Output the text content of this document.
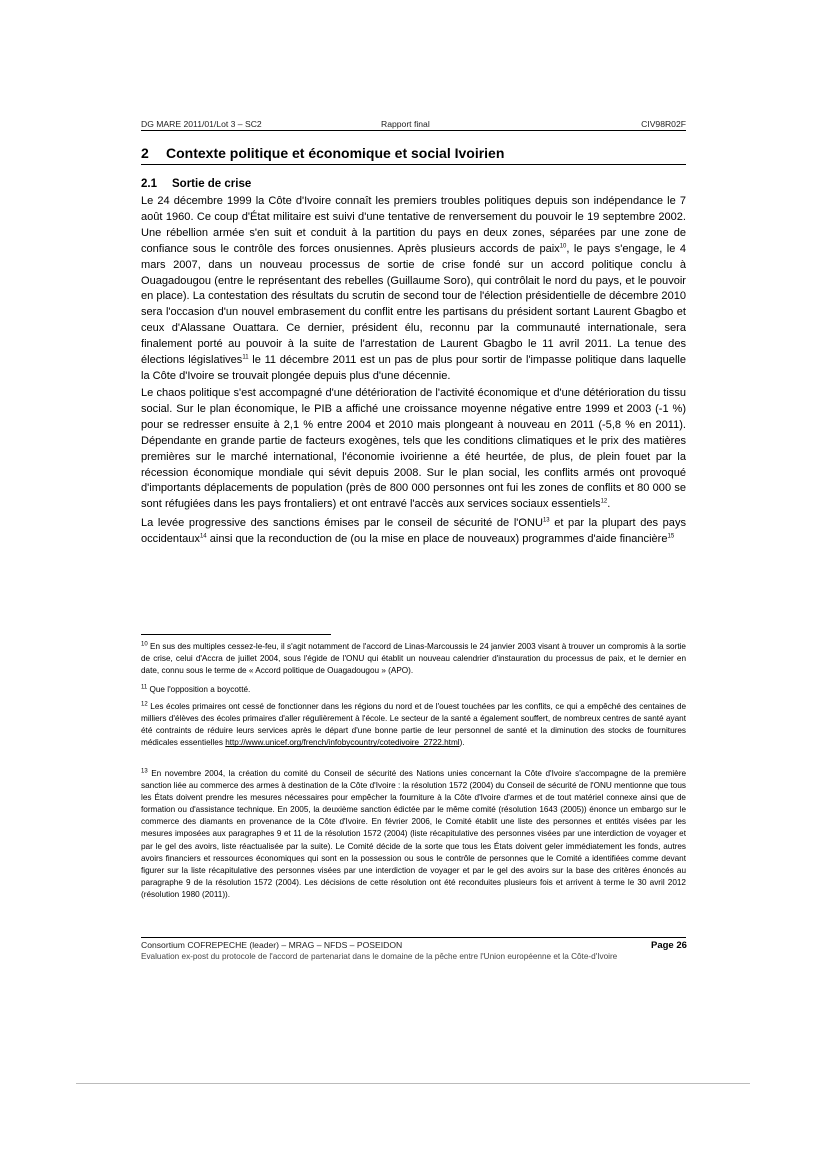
DG MARE 2011/01/Lot 3 – SC2	Rapport final	CIV98R02F
2 Contexte politique et économique et social Ivoirien
2.1 Sortie de crise

Le 24 décembre 1999 la Côte d'Ivoire connaît les premiers troubles politiques depuis son indépendance le 7 août 1960. Ce coup d'État militaire est suivi d'une tentative de renversement du pouvoir le 19 septembre 2002. Une rébellion armée s'en suit et conduit à la partition du pays en deux zones, séparées par une zone de confiance sous le contrôle des forces onusiennes. Après plusieurs accords de paix$^{10}$, le pays s'engage, le 4 mars 2007, dans un nouveau processus de sortie de crise fondé sur un accord politique conclu à Ouagadougou (entre le représentant des rebelles (Guillaume Soro), qui contrôlait le nord du pays, et le pouvoir en place). La contestation des résultats du scrutin de second tour de l'élection présidentielle de décembre 2010 sera l'occasion d'un nouvel embrasement du conflit entre les partisans du président sortant Laurent Gbagbo et ceux d'Alassane Ouattara. Ce dernier, président élu, reconnu par la communauté internationale, sera finalement porté au pouvoir à la suite de l'arrestation de Laurent Gbagbo le 11 avril 2011. La tenue des élections législatives$^{11}$ le 11 décembre 2011 est un pas de plus pour sortir de l'impasse politique dans laquelle la Côte d'Ivoire se trouvait plongée depuis plus d'une décennie.

Le chaos politique s'est accompagné d'une détérioration de l'activité économique et d'une détérioration du tissu social. Sur le plan économique, le PIB a affiché une croissance moyenne négative entre 1999 et 2003 (-1 %) pour se redresser ensuite à 2,1 % entre 2004 et 2010 mais plongeant à nouveau en 2011 (-5,8 % en 2011). Dépendante en grande partie de facteurs exogènes, tels que les conditions climatiques et le prix des matières premières sur le marché international, l'économie ivoirienne a été heurtée, de plus, de plein fouet par la récession économique mondiale qui sévit depuis 2008. Sur le plan social, les conflits armés ont provoqué d'importants déplacements de population (près de 800 000 personnes ont fui les zones de conflits et 80 000 se sont réfugiées dans les pays frontaliers) et ont entravé l'accès aux services sociaux essentiels$^{12}$.

La levée progressive des sanctions émises par le conseil de sécurité de l'ONU$^{13}$ et par la plupart des pays occidentaux$^{14}$ ainsi que la reconduction de (ou la mise en place de nouveaux) programmes d'aide financière$^{15}$

$^{10}$ En sus des multiples cessez-le-feu, il s'agit notamment de l'accord de Linas-Marcoussis le 24 janvier 2003 visant à trouver un compromis à la sortie de crise, celui d'Accra de juillet 2004, sous l'égide de l'ONU qui établit un nouveau calendrier d'instauration du processus de paix, et le dernier en date, connu sous le terme de « Accord politique de Ouagadougou » (APO).

$^{11}$ Que l'opposition a boycotté.

$^{12}$ Les écoles primaires ont cessé de fonctionner dans les régions du nord et de l'ouest touchées par les conflits, ce qui a empêché des centaines de milliers d'élèves des écoles primaires d'aller régulièrement à l'école. Le secteur de la santé a également souffert, de nombreux centres de santé ayant été contraints de réduire leurs services après le départ d'une bonne partie de leur personnel de santé et la diminution des stocks de fournitures médicales essentielles http://www.unicef.org/french/infobycountry/cotedivoire_2722.html).

$^{13}$ En novembre 2004, la création du comité du Conseil de sécurité des Nations unies concernant la Côte d'Ivoire s'accompagne de la première sanction liée au commerce des armes à destination de la Côte d'Ivoire : la résolution 1572 (2004) du Conseil de sécurité de l'ONU mentionne que tous les États doivent prendre les mesures nécessaires pour empêcher la fourniture à la Côte d'Ivoire d'armes et de tout matériel connexe ainsi que de formation ou d'assistance technique. En 2005, la deuxième sanction édictée par le même comité (résolution 1643 (2005)) énonce un embargo sur le commerce des diamants en provenance de la Côte d'Ivoire. En février 2006, le Comité établit une liste des personnes et entités visées par les mesures imposées aux paragraphes 9 et 11 de la résolution 1572 (2004) (liste récapitulative des personnes visées par une interdiction de voyager et par le gel des avoirs, liste réactualisée par la suite). Le Comité décide de la sorte que tous les États doivent geler immédiatement les fonds, autres avoirs financiers et ressources économiques qui sont en la possession ou sous le contrôle de personnes que le Comité a identifiées comme devant figurer sur la liste récapitulative des personnes visées par une interdiction de voyager et par le gel des avoirs sur la base des critères énoncés au paragraphe 9 de la résolution 1572 (2004). Les décisions de cette résolution ont été reconduites plusieurs fois et arrivent à terme le 30 avril 2012 (résolution 1980 (2011)).

Consortium COFREPECHE (leader) – MRAG – NFDS – POSEIDON	Page 26
Evaluation ex-post du protocole de l'accord de partenariat dans le domaine de la pêche entre l'Union européenne et la Côte-d'Ivoire
